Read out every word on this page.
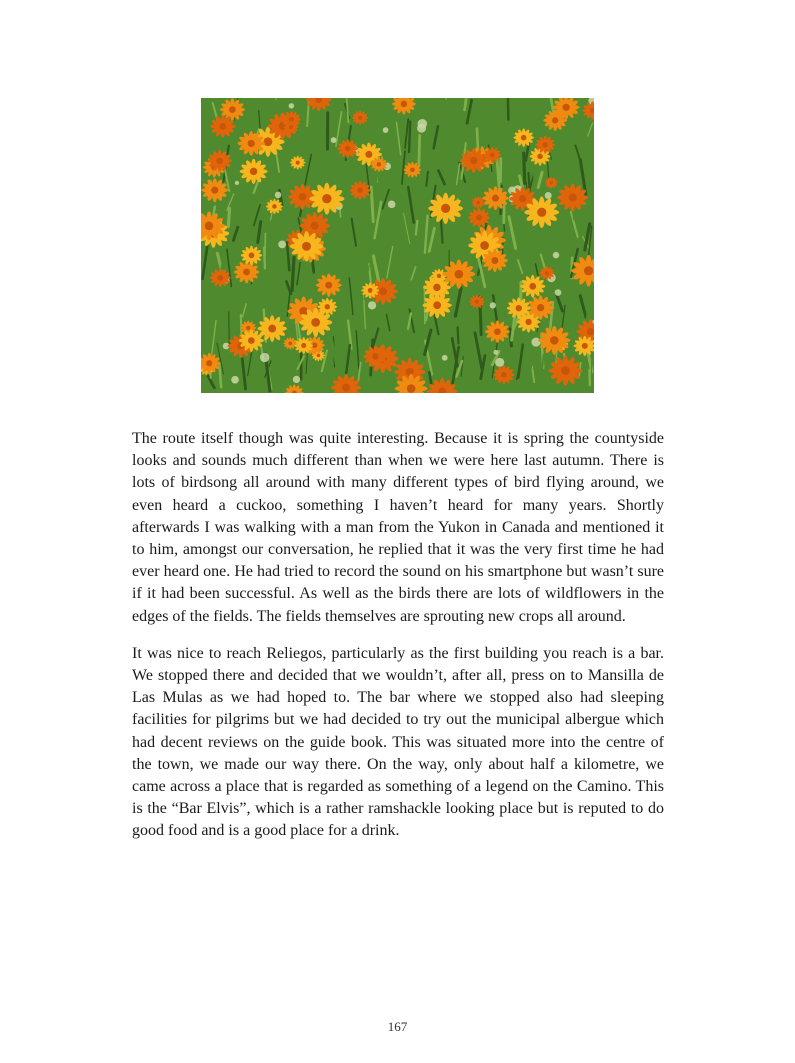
The route itself though was quite interesting. Because it is spring the countyside looks and sounds much different than when we were here last autumn. There is lots of birdsong all around with many different types of bird flying around, we even heard a cuckoo, something I haven’t heard for many years. Shortly afterwards I was walking with a man from the Yukon in Canada and mentioned it to him, amongst our conversation, he replied that it was the very first time he had ever heard one. He had tried to record the sound on his smartphone but wasn’t sure if it had been successful. As well as the birds there are lots of wildflowers in the edges of the fields. The fields themselves are sprouting new crops all around.

It was nice to reach Reliegos, particularly as the first building you reach is a bar. We stopped there and decided that we wouldn’t, after all, press on to Mansilla de Las Mulas as we had hoped to. The bar where we stopped also had sleeping facilities for pilgrims but we had decided to try out the municipal albergue which had decent reviews on the guide book. This was situated more into the centre of the town, we made our way there. On the way, only about half a kilometre, we came across a place that is regarded as something of a legend on the Camino. This is the “Bar Elvis”, which is a rather ramshackle looking place but is reputed to do good food and is a good place for a drink.

167
